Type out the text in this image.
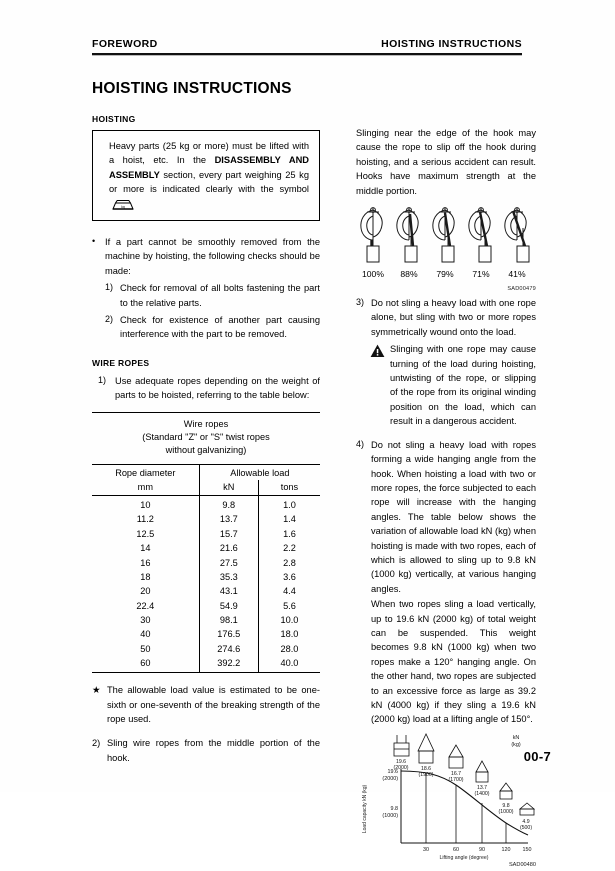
FOREWORD	HOISTING INSTRUCTIONS
HOISTING INSTRUCTIONS
HOISTING

Heavy parts (25 kg or more) must be lifted with a hoist, etc. In the DISASSEMBLY AND ASSEMBLY section, every part weighing 25 kg or more is indicated clearly with the symbol
kg

•	If a part cannot be smoothly removed from the machine by hoisting, the following checks should be made:
1) Check for removal of all bolts fastening the part to the relative parts.
2) Check for existence of another part causing interference with the part to be removed.
WIRE ROPES
1) Use adequate ropes depending on the weight of parts to be hoisted, referring to the table below:
Wire ropes
(Standard "Z" or "S" twist ropes
without galvanizing)
Rope diameter	Allowable load	
mm	kN	tons
10	9.8	1.0
11.2	13.7	1.4
12.5	15.7	1.6
14	21.6	2.2
16	27.5	2.8
18	35.3	3.6
20	43.1	4.4
22.4	54.9	5.6
30	98.1	10.0
40	176.5	18.0
50	274.6	28.0
60	392.2	40.0
★ The allowable load value is estimated to be one-sixth or one-seventh of the breaking strength of the rope used.
2) Sling wire ropes from the middle portion of the hook.

Slinging near the edge of the hook may cause the rope to slip off the hook during hoisting, and a serious accident can result. Hooks have maximum strength at the middle portion.

100%	88%	79%	71%	41%
SAD00479
3) Do not sling a heavy load with one rope alone, but sling with two or more ropes symmetrically wound onto the load.
Slinging with one rope may cause turning of the load during hoisting, untwisting of the rope, or slipping of the rope from its original winding position on the load, which can result in a dangerous accident.
4) Do not sling a heavy load with ropes forming a wide hanging angle from the hook. When hoisting a load with two or more ropes, the force subjected to each rope will increase with the hanging angles. The table below shows the variation of allowable load kN (kg) when hoisting is made with two ropes, each of which is allowed to sling up to 9.8 kN (1000 kg) vertically, at various hanging angles.
When two ropes sling a load vertically, up to 19.6 kN (2000 kg) of total weight can be suspended. This weight becomes 9.8 kN (1000 kg) when two ropes make a 120° hanging angle. On the other hand, two ropes are subjected to an excessive force as large as 39.2 kN (4000 kg) if they sling a 19.6 kN (2000 kg) load at a lifting angle of 150°.
Load capacity kN (kg)
19.6
(2000)
9.8
(1000)
30	60	90	120 150
Lifting angle (degree)
19.6
(2000) 18.6
(1900)	16.7
(1700)
13.7
(1400)
9.8
(1000)
4.9
(500)
kN
(kg)
SAD00480
00-7
